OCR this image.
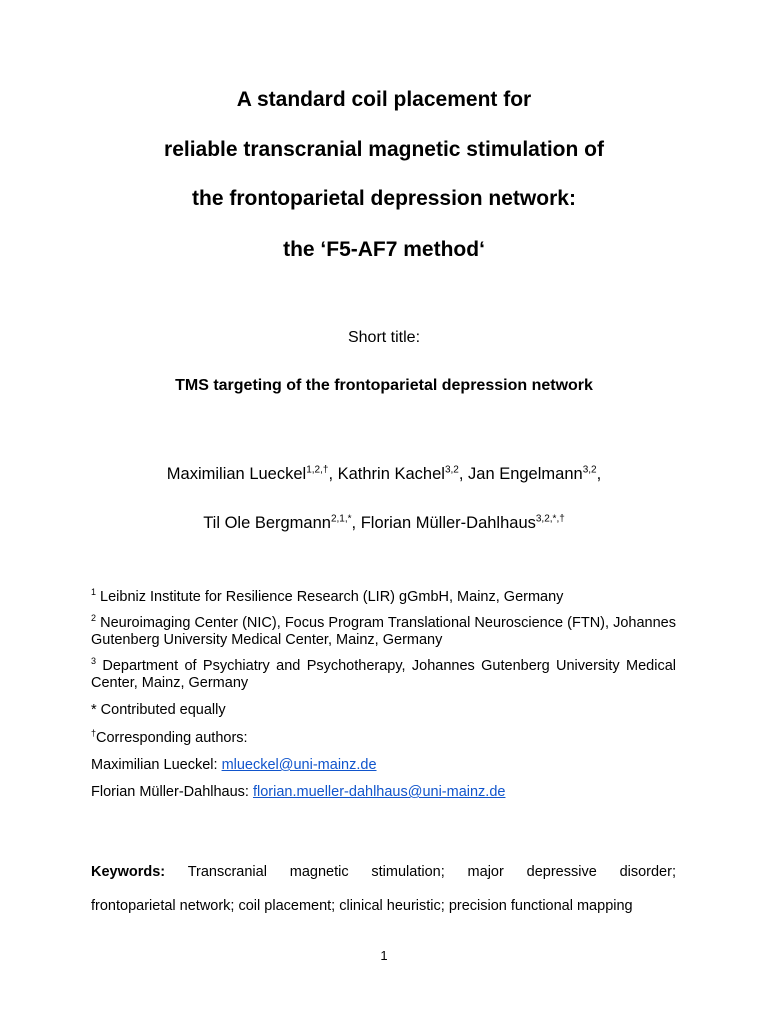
A standard coil placement for

reliable transcranial magnetic stimulation of

the frontoparietal depression network:

the ‘F5-AF7 method‘

Short title:

TMS targeting of the frontoparietal depression network

Maximilian Lueckel$^{1,2,\dagger}$, Kathrin Kachel$^{3,2}$, Jan Engelmann$^{3,2}$,

Til Ole Bergmann$^{2,1,*}$, Florian Müller-Dahlhaus$^{3,2,*,\dagger}$

$^1$ Leibniz Institute for Resilience Research (LIR) gGmbH, Mainz, Germany

$^2$ Neuroimaging Center (NIC), Focus Program Translational Neuroscience (FTN), Johannes Gutenberg University Medical Center, Mainz, Germany

$^3$ Department of Psychiatry and Psychotherapy, Johannes Gutenberg University Medical Center, Mainz, Germany

* Contributed equally

†Corresponding authors:

Maximilian Lueckel: mlueckel@uni-mainz.de

Florian Müller-Dahlhaus: florian.mueller-dahlhaus@uni-mainz.de

Keywords: Transcranial magnetic stimulation; major depressive disorder;

frontoparietal network; coil placement; clinical heuristic; precision functional mapping

1
